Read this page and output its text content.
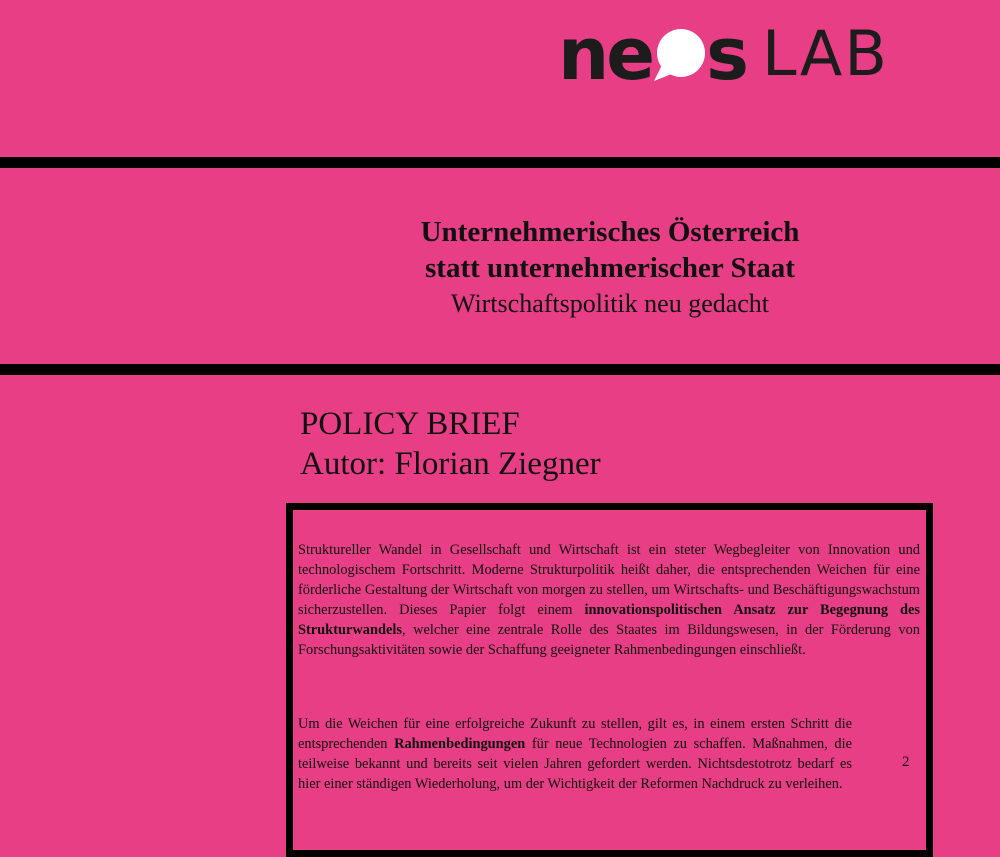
ne s LAB
Unternehmerisches Österreich
statt unternehmerischer Staat
Wirtschaftspolitik neu gedacht
POLICY BRIEF
Autor: Florian Ziegner

Struktureller Wandel in Gesellschaft und Wirtschaft ist ein steter Wegbegleiter von Innovation und technologischem Fortschritt. Moderne Strukturpolitik heißt daher, die entsprechenden Weichen für eine förderliche Gestaltung der Wirtschaft von morgen zu stellen, um Wirtschafts- und Beschäftigungswachstum sicherzustellen. Dieses Papier folgt einem innovationspolitischen Ansatz zur Begegnung des Strukturwandels, welcher eine zentrale Rolle des Staates im Bildungswesen, in der Förderung von Forschungsaktivitäten sowie der Schaffung geeigneter Rahmenbedingungen einschließt.

Um die Weichen für eine erfolgreiche Zukunft zu stellen, gilt es, in einem ersten Schritt die entsprechenden Rahmenbedingungen für neue Technologien zu schaffen. Maßnahmen, die teilweise bekannt und bereits seit vielen Jahren gefordert werden. Nichtsdestotrotz bedarf es hier einer ständigen Wiederholung, um der Wichtigkeit der Reformen Nachdruck zu verleihen.

2
